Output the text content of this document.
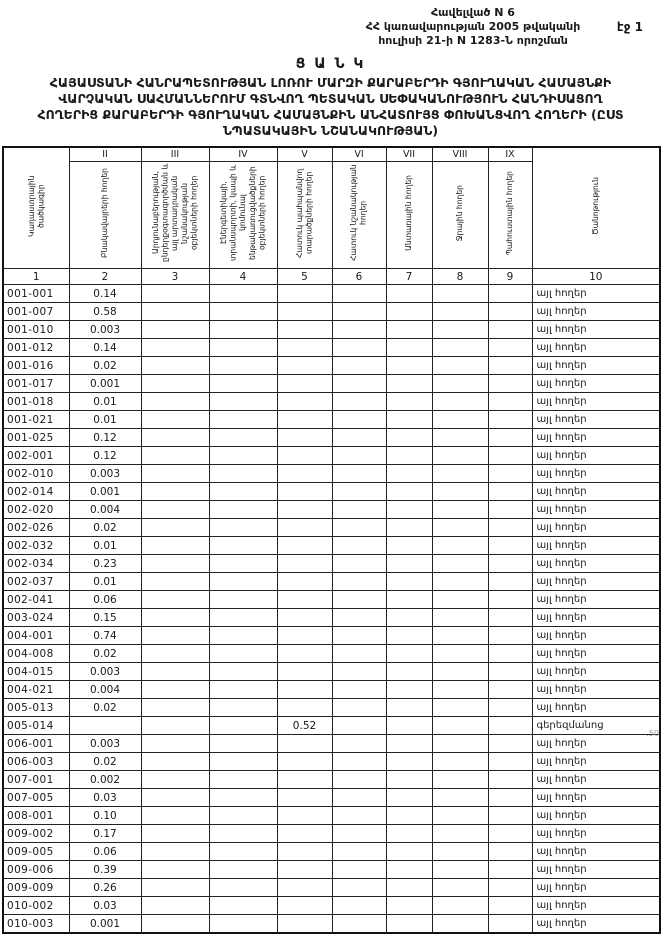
Հավելված N 6
ՀՀ կառավարության 2005 թվականի
հուլիսի 21-ի N 1283-Ն որոշման
էջ 1
Ց Ա Ն Կ
ՀԱՅԱՍՏԱՆԻ ՀԱՆՐԱՊԵՏՈՒԹՅԱՆ ԼՈՌՈՒ ՄԱՐԶԻ ՔԱՐԱԲԵՐԴԻ ԳՅՈՒՂԱԿԱՆ ՀԱՄԱՅՆՔԻ
ՎԱՐՉԱԿԱՆ ՍԱՀՄԱՆՆԵՐՈՒՄ ԳՏՆՎՈՂ ՊԵՏԱԿԱՆ ՍԵՓԱԿԱՆՈՒԹՅՈՒՆ ՀԱՆԴԻՍԱՑՈՂ
ՀՈՂԵՐԻՑ ՔԱՐԱԲԵՐԴԻ ԳՅՈՒՂԱԿԱՆ ՀԱՄԱՅՆՔԻՆ ԱՆՀԱՏՈՒՅՑ ՓՈԽԱՆՑՎՈՂ ՀՈՂԵՐԻ (ԸՍՏ
ՆՊԱՏԱԿԱՅԻՆ ՆՇԱՆԱԿՈՒԹՅԱՆ)
Կադաստրային ծածկագիր	II	III	IV	V	VI	VII	VIII	IX	Ծանոթություն
	Բնակավայրերի հողեր	Արդյունաբերության, ընդերքօգտագործման և այլ արտադրական նշանակության օբյեկտների հողեր	Էներգետիկայի, տրանսպորտի, կապի և կոմունալ ենթակառուցվածքների օբյեկտների հողեր	Հատուկ պահպանվող տարածքների հողեր	Հատուկ նշանակության հողեր	Անտառային հողեր	Ջրային հողեր	Պահուստային հողեր	
1	2	3	4	5	6	7	8	9	10
001-001	0.14								այլ հողեր
001-007	0.58								այլ հողեր
001-010	0.003								այլ հողեր
001-012	0.14								այլ հողեր
001-016	0.02								այլ հողեր
001-017	0.001								այլ հողեր
001-018	0.01								այլ հողեր
001-021	0.01								այլ հողեր
001-025	0.12								այլ հողեր
002-001	0.12								այլ հողեր
002-010	0.003								այլ հողեր
002-014	0.001								այլ հողեր
002-020	0.004								այլ հողեր
002-026	0.02								այլ հողեր
002-032	0.01								այլ հողեր
002-034	0.23								այլ հողեր
002-037	0.01								այլ հողեր
002-041	0.06								այլ հողեր
003-024	0.15								այլ հողեր
004-001	0.74								այլ հողեր
004-008	0.02								այլ հողեր
004-015	0.003								այլ հողեր
004-021	0.004								այլ հողեր
005-013	0.02								այլ հողեր
005-014				0.52					գերեզմանոց
006-001	0.003								այլ հողեր
006-003	0.02								այլ հողեր
007-001	0.002								այլ հողեր
007-005	0.03								այլ հողեր
008-001	0.10								այլ հողեր
009-002	0.17								այլ հողեր
009-005	0.06								այլ հողեր
009-006	0.39								այլ հողեր
009-009	0.26								այլ հողեր
010-002	0.03								այլ հողեր
010-003	0.001								այլ հողեր
.50
